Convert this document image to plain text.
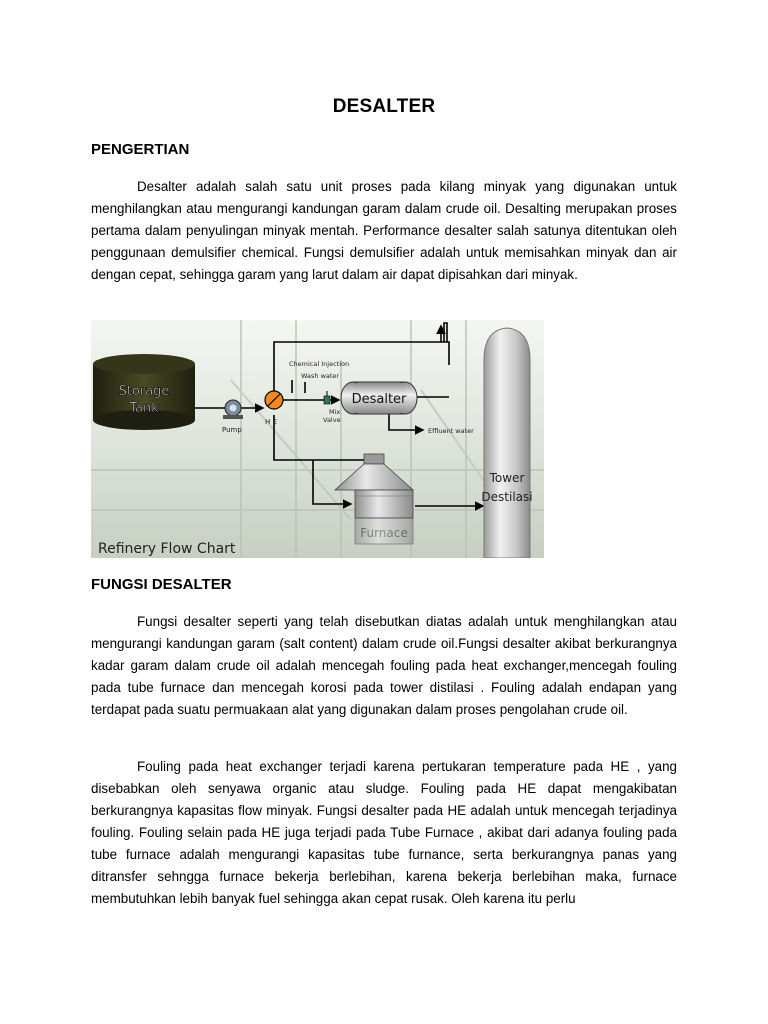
DESALTER
PENGERTIAN
Desalter adalah salah satu unit proses pada kilang minyak yang digunakan untuk menghilangkan atau mengurangi kandungan garam dalam crude oil. Desalting merupakan proses pertama dalam penyulingan minyak mentah. Performance desalter salah satunya ditentukan oleh penggunaan demulsifier chemical. Fungsi demulsifier adalah untuk memisahkan minyak dan air dengan cepat, sehingga garam yang larut dalam air dapat dipisahkan dari minyak.
Storage
Tank
Pump
H E
Chemical Injection
Wash water
Mix
Valve
Desalter
Effluent water
Tower
Destilasi
Refinery Flow Chart
FUNGSI DESALTER
Fungsi desalter seperti yang telah disebutkan diatas adalah untuk menghilangkan atau mengurangi kandungan garam (salt content) dalam crude oil.Fungsi desalter akibat berkurangnya kadar garam dalam crude oil adalah mencegah fouling pada heat exchanger,mencegah fouling pada tube furnace dan mencegah korosi pada tower distilasi . Fouling adalah endapan yang terdapat pada suatu permuakaan alat yang digunakan dalam proses pengolahan crude oil.
Fouling pada heat exchanger terjadi karena pertukaran temperature pada HE , yang disebabkan oleh senyawa organic atau sludge. Fouling pada HE dapat mengakibatan berkurangnya kapasitas flow minyak. Fungsi desalter pada HE adalah untuk mencegah terjadinya fouling. Fouling selain pada HE juga terjadi pada Tube Furnace , akibat dari adanya fouling pada tube furnace adalah mengurangi kapasitas tube furnance, serta berkurangnya panas yang ditransfer sehngga furnace bekerja berlebihan, karena bekerja berlebihan maka, furnace membutuhkan lebih banyak fuel sehingga akan cepat rusak. Oleh karena itu perlu
